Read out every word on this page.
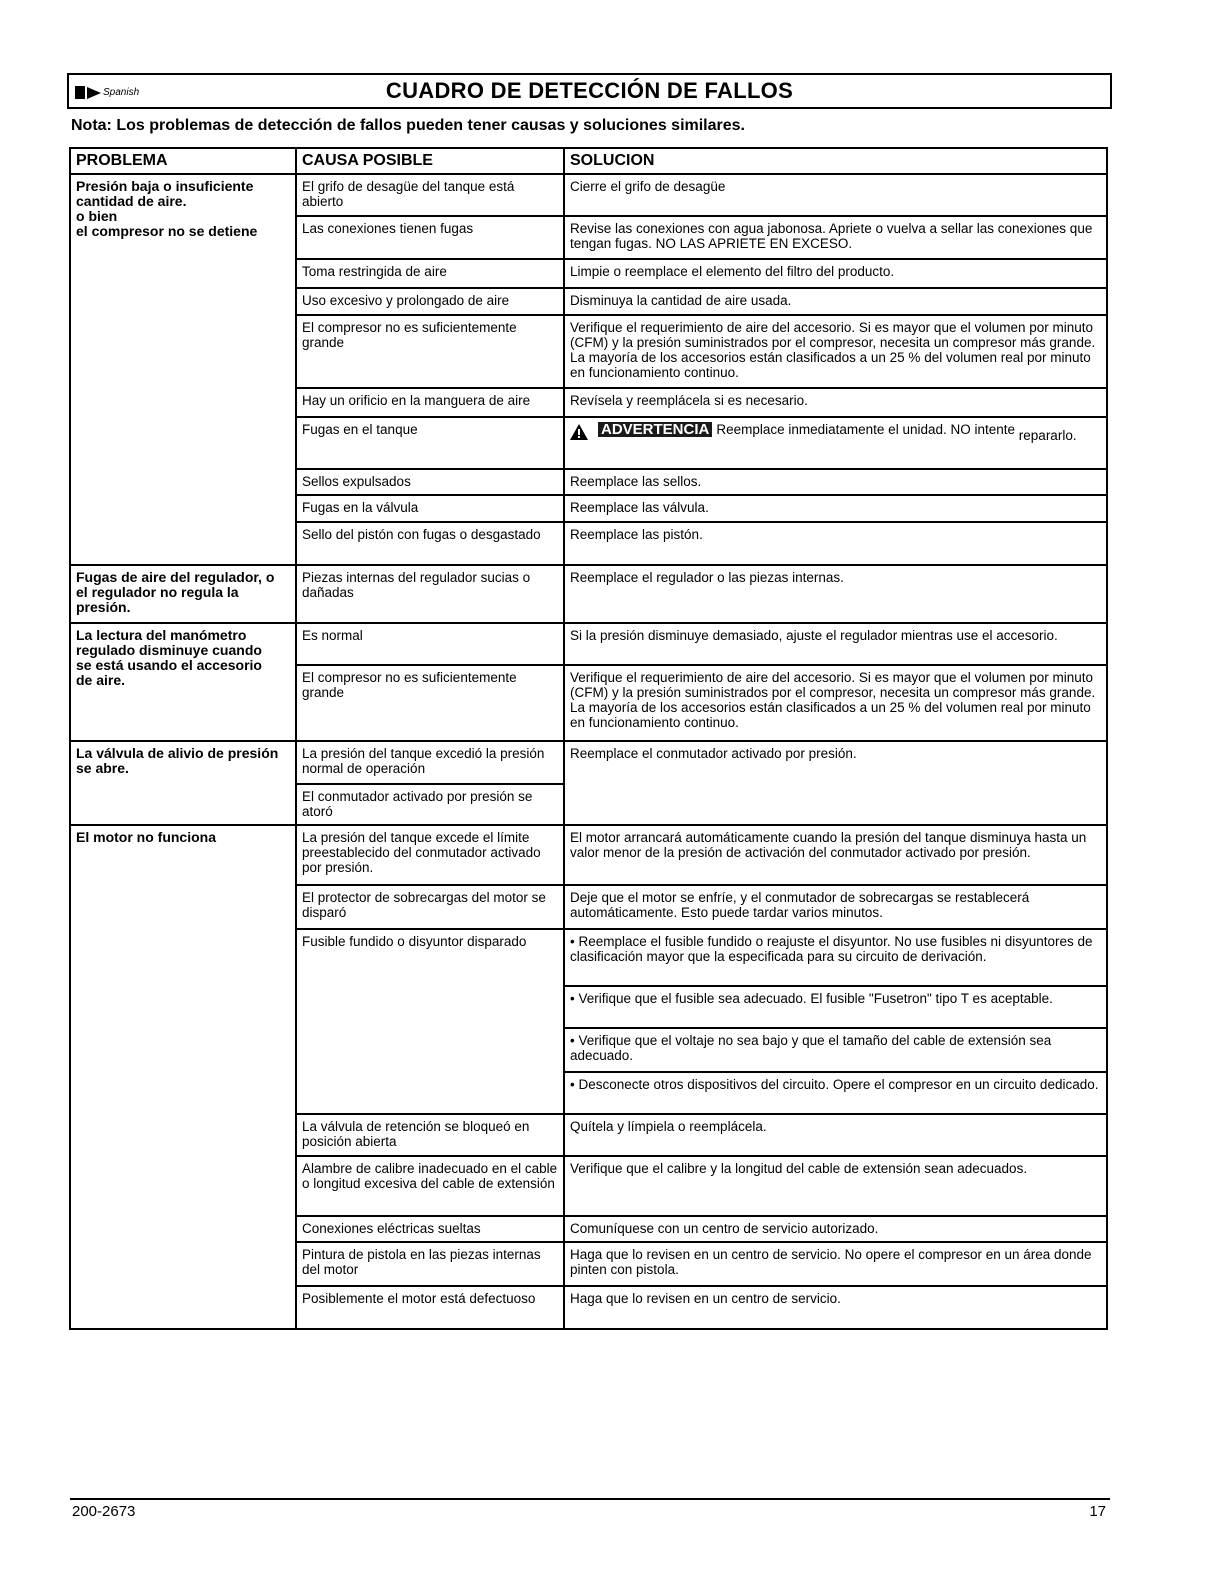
Spanish	CUADRO DE DETECCIÓN DE FALLOS
Nota: Los problemas de detección de fallos pueden tener causas y soluciones similares.
PROBLEMA	CAUSA POSIBLE	SOLUCION

Presión baja o insuficiente
cantidad de aire.
o bien
el compresor no se detiene	El grifo de desagüe del tanque está abierto	Cierre el grifo de desagüe
	Las conexiones tienen fugas	Revise las conexiones con agua jabonosa. Apriete o vuelva a sellar las conexiones que tengan fugas. NO LAS APRIETE EN EXCESO.
	Toma restringida de aire	Limpie o reemplace el elemento del filtro del producto.
	Uso excesivo y prolongado de aire	Disminuya la cantidad de aire usada.
	El compresor no es suficientemente grande	Verifique el requerimiento de aire del accesorio. Si es mayor que el volumen por minuto (CFM) y la presión suministrados por el compresor, necesita un compresor más grande. La mayoría de los accesorios están clasificados a un 25 % del volumen real por minuto en funcionamiento continuo.
	Hay un orificio en la manguera de aire	Revísela y reemplácela si es necesario.
	Fugas en el tanque	ADVERTENCIA Reemplace inmediatamente el unidad. NO intente repararlo.
	Sellos expulsados	Reemplace las sellos.
	Fugas en la válvula	Reemplace las válvula.
	Sello del pistón con fugas o desgastado	Reemplace las pistón.

Fugas de aire del regulador, o
el regulador no regula la
presión.	Piezas internas del regulador sucias o dañadas	Reemplace el regulador o las piezas internas.

La lectura del manómetro
regulado disminuye cuando
se está usando el accesorio
de aire.	Es normal	Si la presión disminuye demasiado, ajuste el regulador mientras use el accesorio.
	El compresor no es suficientemente grande	Verifique el requerimiento de aire del accesorio. Si es mayor que el volumen por minuto (CFM) y la presión suministrados por el compresor, necesita un compresor más grande. La mayoría de los accesorios están clasificados a un 25 % del volumen real por minuto en funcionamiento continuo.

La válvula de alivio de presión
se abre.	La presión del tanque excedió la presión normal de operación	Reemplace el conmutador activado por presión.
	El conmutador activado por presión se atoró	

El motor no funciona	La presión del tanque excede el límite preestablecido del conmutador activado por presión.	El motor arrancará automáticamente cuando la presión del tanque disminuya hasta un valor menor de la presión de activación del conmutador activado por presión.
	El protector de sobrecargas del motor se disparó	Deje que el motor se enfríe, y el conmutador de sobrecargas se restablecerá automáticamente. Esto puede tardar varios minutos.
	Fusible fundido o disyuntor disparado	• Reemplace el fusible fundido o reajuste el disyuntor. No use fusibles ni disyuntores de clasificación mayor que la especificada para su circuito de derivación.
		• Verifique que el fusible sea adecuado. El fusible "Fusetron" tipo T es aceptable.
		• Verifique que el voltaje no sea bajo y que el tamaño del cable de extensión sea adecuado.
		• Desconecte otros dispositivos del circuito. Opere el compresor en un circuito dedicado.
	La válvula de retención se bloqueó en posición abierta	Quítela y límpiela o reemplácela.
	Alambre de calibre inadecuado en el cable o longitud excesiva del cable de extensión	Verifique que el calibre y la longitud del cable de extensión sean adecuados.
	Conexiones eléctricas sueltas	Comuníquese con un centro de servicio autorizado.
	Pintura de pistola en las piezas internas del motor	Haga que lo revisen en un centro de servicio. No opere el compresor en un área donde pinten con pistola.
	Posiblemente el motor está defectuoso	Haga que lo revisen en un centro de servicio.
200-2673	17
